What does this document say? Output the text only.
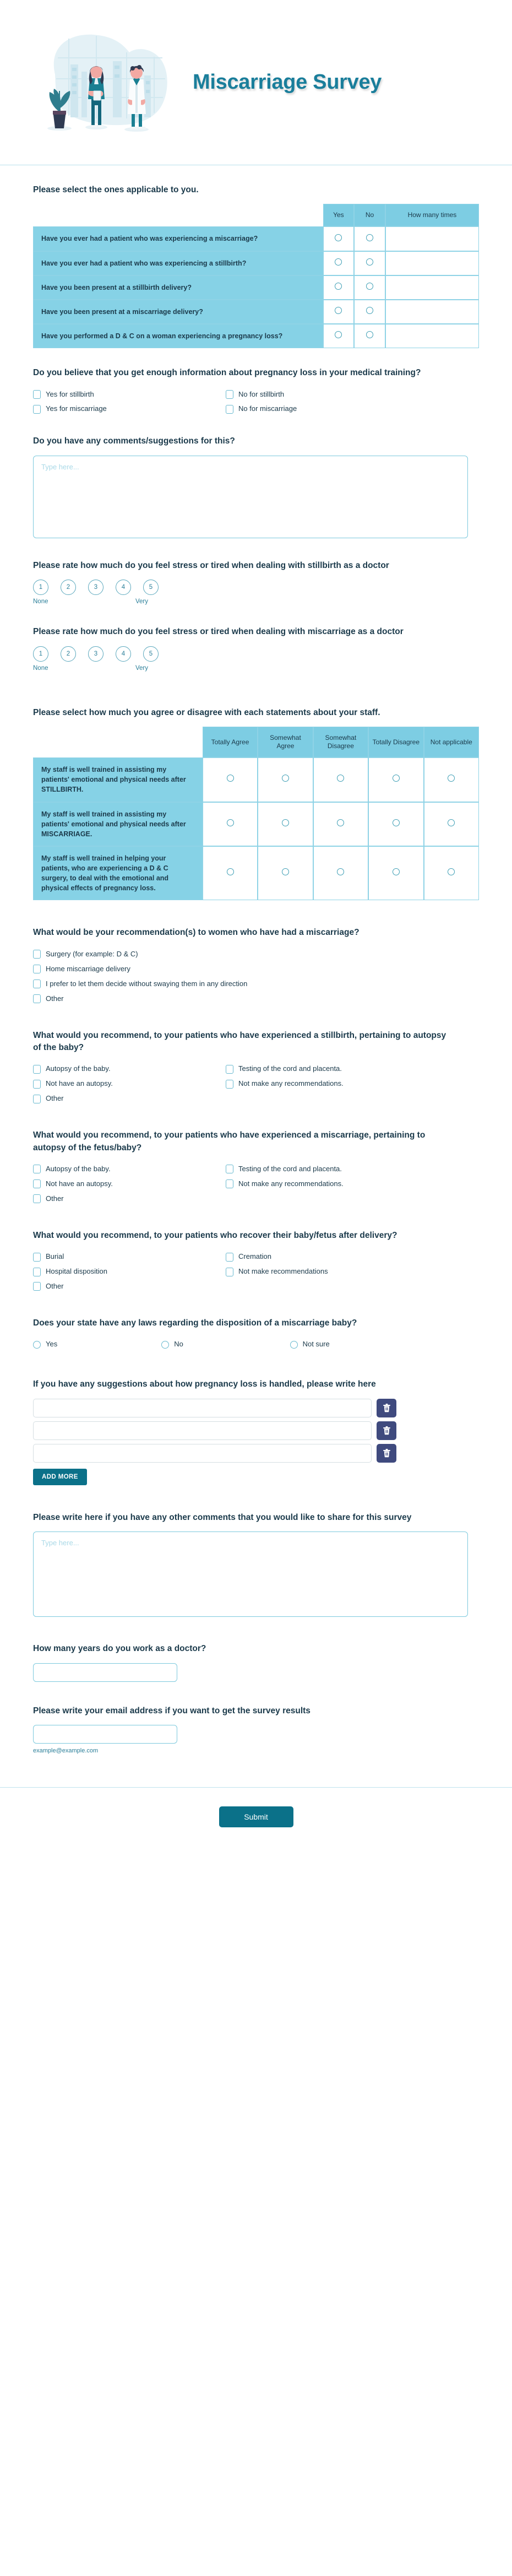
Miscarriage Survey
Please select the ones applicable to you.
	Yes	No	How many times
Have you ever had a patient who was experiencing a miscarriage?			
Have you ever had a patient who was experiencing a stillbirth?			
Have you been present at a stillbirth delivery?			
Have you been present at a miscarriage delivery?			
Have you performed a D & C on a woman experiencing a pregnancy loss?			
Do you believe that you get enough information about pregnancy loss in your medical training?
Yes for stillbirth	No for stillbirth
Yes for miscarriage	No for miscarriage
Do you have any comments/suggestions for this?
Type here...
Please rate how much do you feel stress or tired when dealing with stillbirth as a doctor
1	2	3	4	5
None	Very
Please rate how much do you feel stress or tired when dealing with miscarriage as a doctor
1	2	3	4	5
None	Very
Please select how much you agree or disagree with each statements about your staff.
	Totally Agree	Somewhat Agree	Somewhat Disagree	Totally Disagree	Not applicable
My staff is well trained in assisting my patients' emotional and physical needs after STILLBIRTH.					
My staff is well trained in assisting my patients' emotional and physical needs after MISCARRIAGE.					
My staff is well trained in helping your patients, who are experiencing a D & C surgery, to deal with the emotional and physical effects of pregnancy loss.					
What would be your recommendation(s) to women who have had a miscarriage?
Surgery (for example: D & C)
Home miscarriage delivery
I prefer to let them decide without swaying them in any direction
Other
What would you recommend, to your patients who have experienced a stillbirth, pertaining to autopsy of the baby?
Autopsy of the baby.	Testing of the cord and placenta.
Not have an autopsy.	Not make any recommendations.
Other
What would you recommend, to your patients who have experienced a miscarriage, pertaining to autopsy of the fetus/baby?
Autopsy of the baby.	Testing of the cord and placenta.
Not have an autopsy.	Not make any recommendations.
Other
What would you recommend, to your patients who recover their baby/fetus after delivery?
Burial	Cremation
Hospital disposition	Not make recommendations
Other
Does your state have any laws regarding the disposition of a miscarriage baby?
Yes	No	Not sure
If you have any suggestions about how pregnancy loss is handled, please write here
ADD MORE
Please write here if you have any other comments that you would like to share for this survey
Type here...
How many years do you work as a doctor?
Please write your email address if you want to get the survey results
example@example.com
Submit
